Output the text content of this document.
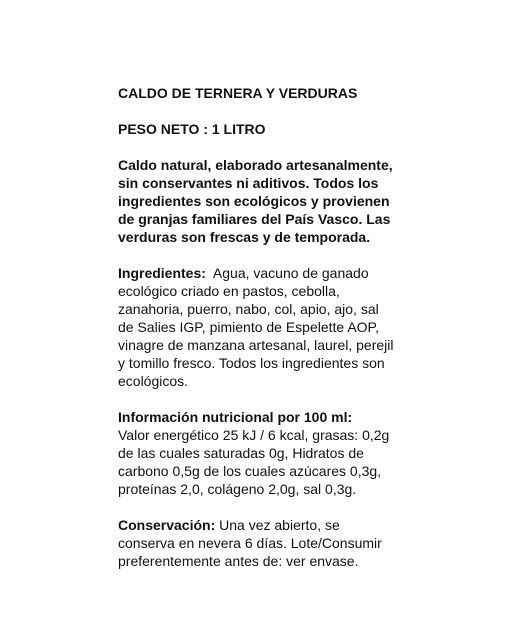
CALDO DE TERNERA Y VERDURAS
PESO NETO : 1 LITRO
Caldo natural, elaborado artesanalmente,
sin conservantes ni aditivos. Todos los
ingredientes son ecológicos y provienen
de granjas familiares del País Vasco. Las
verduras son frescas y de temporada.
Ingredientes:  Agua, vacuno de ganado
ecológico criado en pastos, cebolla,
zanahoria, puerro, nabo, col, apio, ajo, sal
de Salies IGP, pimiento de Espelette AOP,
vinagre de manzana artesanal, laurel, perejil
y tomillo fresco. Todos los ingredientes son
ecológicos.
Información nutricional por 100 ml:
Valor energético 25 kJ / 6 kcal, grasas: 0,2g
de las cuales saturadas 0g, Hidratos de
carbono 0,5g de los cuales azúcares 0,3g,
proteínas 2,0, colágeno 2,0g, sal 0,3g.
Conservación: Una vez abierto, se
conserva en nevera 6 días. Lote/Consumir
preferentemente antes de: ver envase.
